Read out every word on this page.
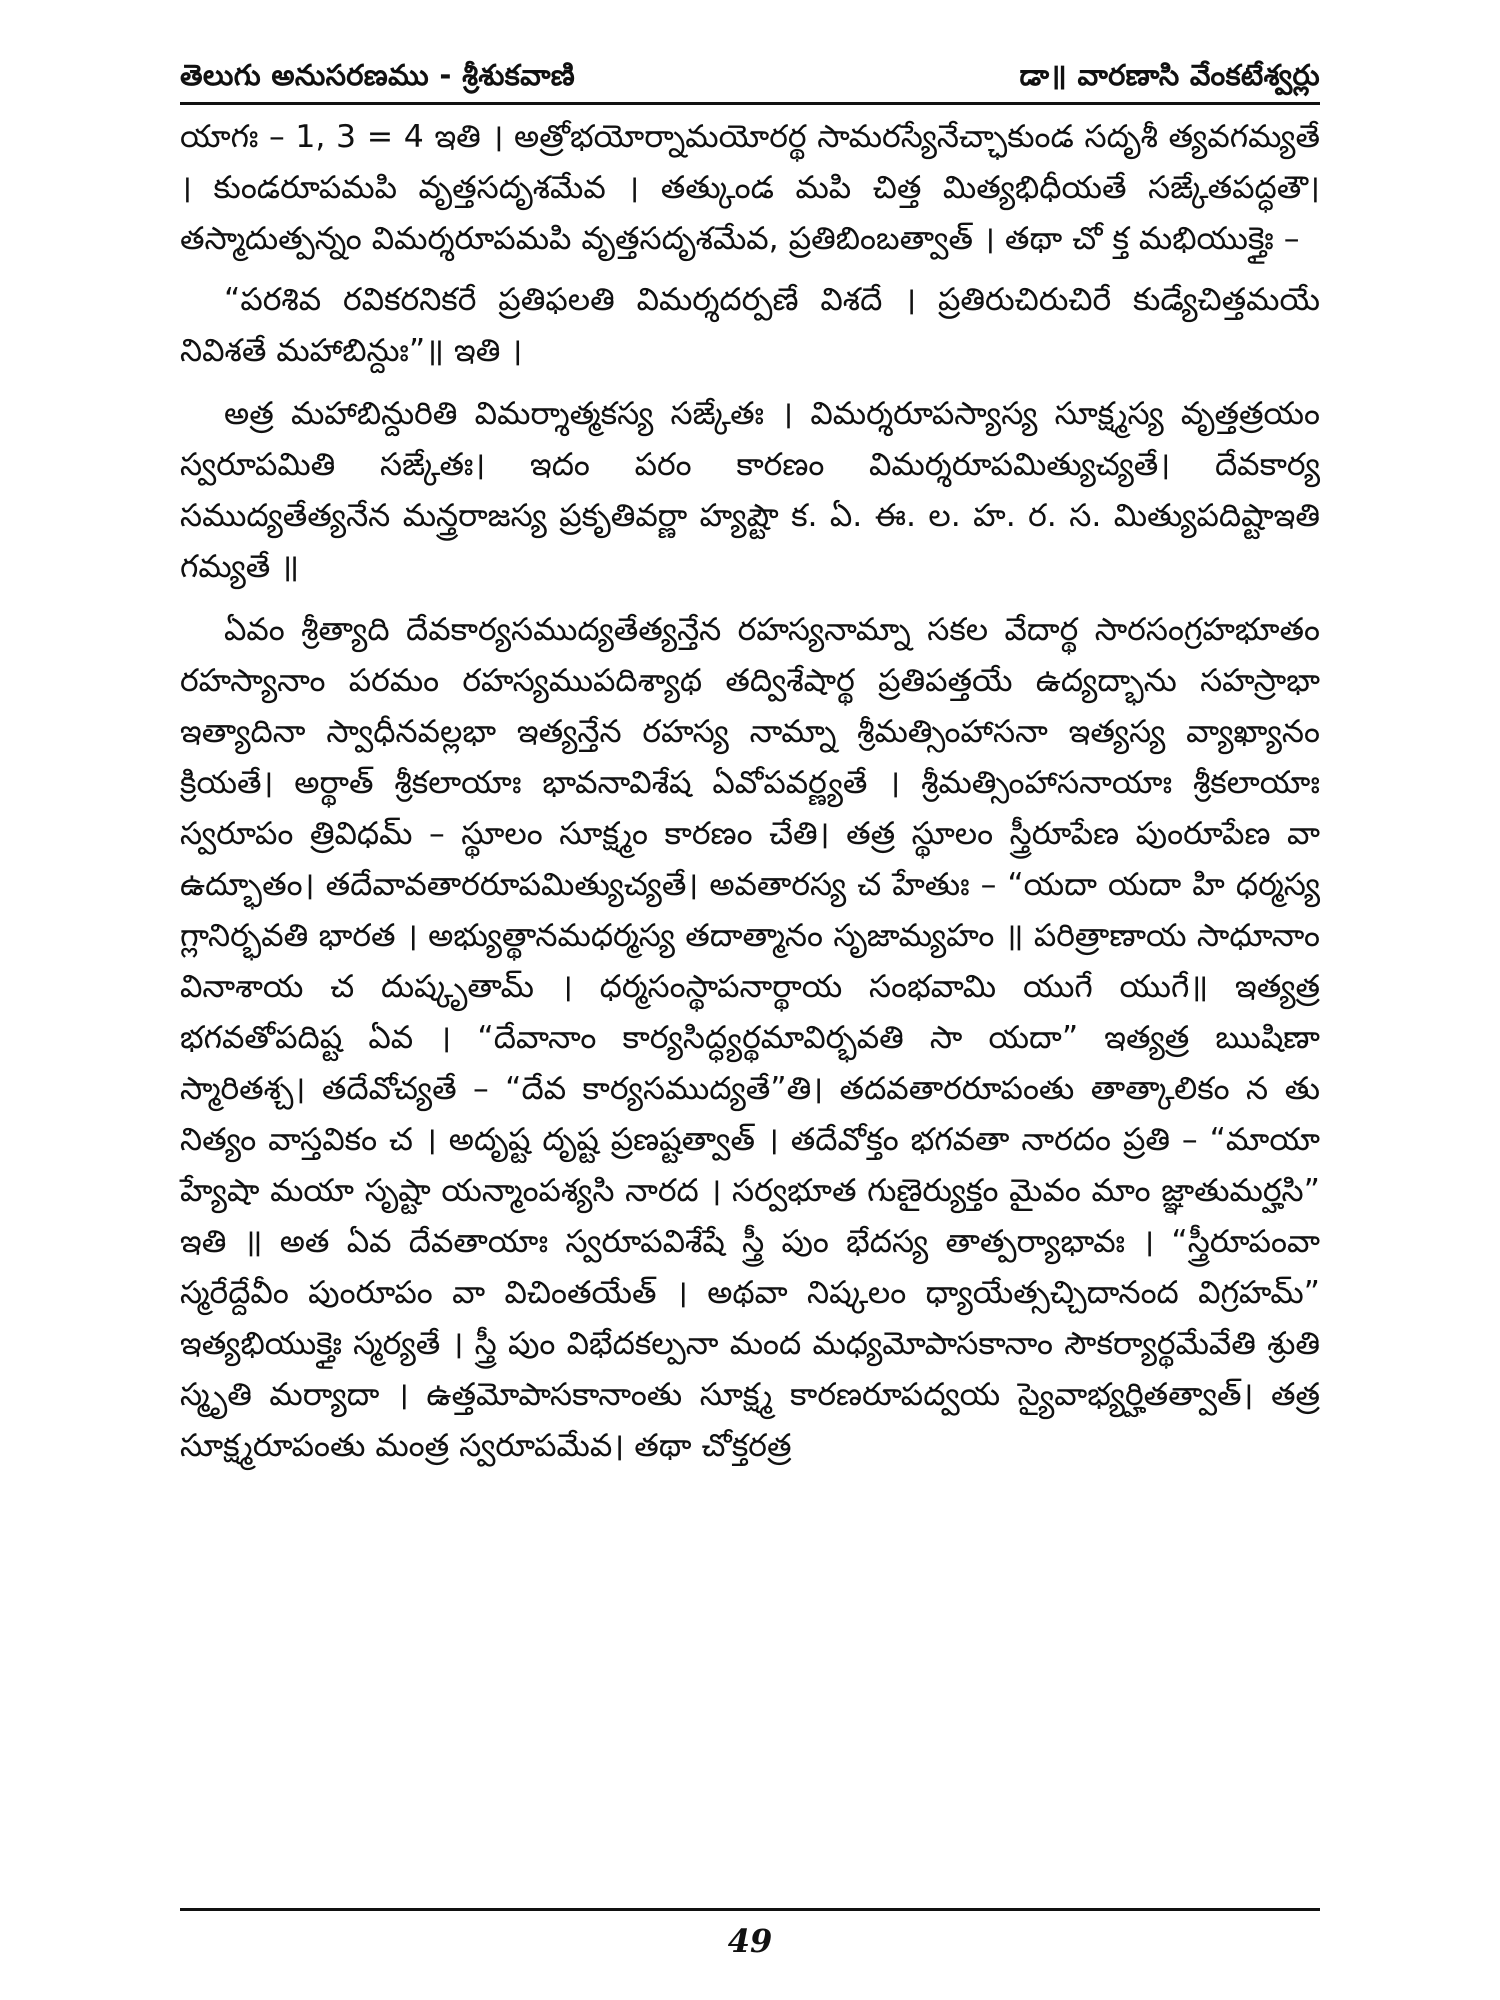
తెలుగు అనుసరణము - శ్రీశుకవాణి	డా॥ వారణాసి వేంకటేశ్వర్లు

యాగః – 1, 3 = 4 ఇతి । అత్రోభయోర్నామయోరర్థ సామరస్యేనేచ్ఛాకుండ సదృశీ త్యవగమ్యతే । కుండరూపమపి వృత్తసదృశమేవ । తత్కుండ మపి చిత్త మిత్యభిధీయతే సఙ్కేతపద్ధతౌ। తస్మాదుత్పన్నం విమర్శరూపమపి వృత్తసదృశమేవ, ప్రతిబింబత్వాత్ । తథా చో క్త మభియుక్తైః –

“పరశివ రవికరనికరే ప్రతిఫలతి విమర్శదర్పణే విశదే । ప్రతిరుచిరుచిరే కుడ్యేచిత్తమయే నివిశతే మహాబిన్దుః”॥ ఇతి ।

అత్ర మహాబిన్దురితి విమర్శాత్మకస్య సఙ్కేతః । విమర్శరూపస్యాస్య సూక్ష్మస్య వృత్తత్రయం స్వరూపమితి సఙ్కేతః। ఇదం పరం కారణం విమర్శరూపమిత్యుచ్యతే। దేవకార్య సముద్యతేత్యనేన మన్త్రరాజస్య ప్రకృతివర్ణా హ్యష్టౌ క. ఏ. ఈ. ల. హ. ర. స. మిత్యుపదిష్టాఇతి గమ్యతే ॥

ఏవం శ్రీత్యాది దేవకార్యసముద్యతేత్యన్తేన రహస్యనామ్నా సకల వేదార్థ సారసంగ్రహభూతం రహస్యానాం పరమం రహస్యముపదిశ్యాథ తద్విశేషార్థ ప్రతిపత్తయే ఉద్యద్భాను సహస్రాభా ఇత్యాదినా స్వాధీనవల్లభా ఇత్యన్తేన రహస్య నామ్నా శ్రీమత్సింహాసనా ఇత్యస్య వ్యాఖ్యానం క్రియతే। అర్థాత్ శ్రీకలాయాః భావనావిశేష ఏవోపవర్ణ్యతే । శ్రీమత్సింహాసనాయాః శ్రీకలాయాః స్వరూపం త్రివిధమ్ – స్థూలం సూక్ష్మం కారణం చేతి। తత్ర స్థూలం స్త్రీరూపేణ పుంరూపేణ వా ఉద్భూతం। తదేవావతారరూపమిత్యుచ్యతే। అవతారస్య చ హేతుః – “యదా యదా హి ధర్మస్య గ్లానిర్భవతి భారత । అభ్యుత్థానమధర్మస్య తదాత్మానం సృజామ్యహం ॥ పరిత్రాణాయ సాధూనాం వినాశాయ చ దుష్కృతామ్ । ధర్మసంస్థాపనార్థాయ సంభవామి యుగే యుగే॥ ఇత్యత్ర భగవతోపదిష్ట ఏవ । “దేవానాం కార్యసిద్ధ్యర్థమావిర్భవతి సా యదా” ఇత్యత్ర ఋషిణా స్మారితశ్చ। తదేవోచ్యతే – “దేవ కార్యసముద్యతే”తి। తదవతారరూపంతు తాత్కాలికం న తు నిత్యం వాస్తవికం చ । అదృష్ట దృష్ట ప్రణష్టత్వాత్ । తదేవోక్తం భగవతా నారదం ప్రతి – “మాయా హ్యేషా మయా సృష్టా యన్మాంపశ్యసి నారద । సర్వభూత గుణైర్యుక్తం మైవం మాం జ్ఞాతుమర్హసి” ఇతి ॥ అత ఏవ దేవతాయాః స్వరూపవిశేషే స్త్రీ పుం భేదస్య తాత్పర్యాభావః । “స్త్రీరూపంవా స్మరేద్దేవీం పుంరూపం వా విచింతయేత్ । అథవా నిష్కలం ధ్యాయేత్సచ్చిదానంద విగ్రహమ్” ఇత్యభియుక్తైః స్మర్యతే । స్త్రీ పుం విభేదకల్పనా మంద మధ్యమోపాసకానాం సౌకర్యార్థమేవేతి శ్రుతి స్మృతి మర్యాదా । ఉత్తమోపాసకానాంతు సూక్ష్మ కారణరూపద్వయ స్యైవాభ్యర్హితత్వాత్। తత్ర సూక్ష్మరూపంతు మంత్ర స్వరూపమేవ। తథా చోక్తరత్ర

49
